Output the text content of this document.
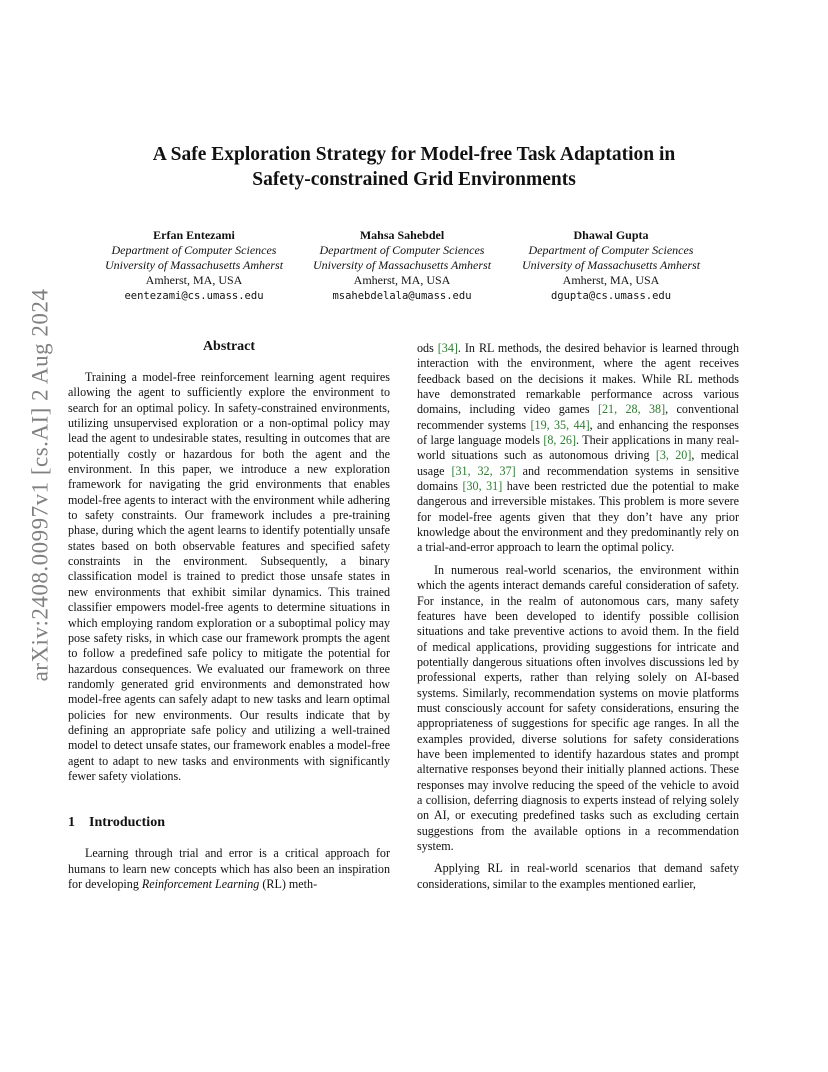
arXiv:2408.00997v1 [cs.AI] 2 Aug 2024
A Safe Exploration Strategy for Model-free Task Adaptation in
Safety-constrained Grid Environments
Erfan Entezami
Department of Computer Sciences
University of Massachusetts Amherst
Amherst, MA, USA
eentezami@cs.umass.edu
Mahsa Sahebdel
Department of Computer Sciences
University of Massachusetts Amherst
Amherst, MA, USA
msahebdelala@umass.edu
Dhawal Gupta
Department of Computer Sciences
University of Massachusetts Amherst
Amherst, MA, USA
dgupta@cs.umass.edu
Abstract

Training a model-free reinforcement learning agent requires allowing the agent to sufficiently explore the environment to search for an optimal policy. In safety-constrained environments, utilizing unsupervised exploration or a non-optimal policy may lead the agent to undesirable states, resulting in outcomes that are potentially costly or hazardous for both the agent and the environment. In this paper, we introduce a new exploration framework for navigating the grid environments that enables model-free agents to interact with the environment while adhering to safety constraints. Our framework includes a pre-training phase, during which the agent learns to identify potentially unsafe states based on both observable features and specified safety constraints in the environment. Subsequently, a binary classification model is trained to predict those unsafe states in new environments that exhibit similar dynamics. This trained classifier empowers model-free agents to determine situations in which employing random exploration or a suboptimal policy may pose safety risks, in which case our framework prompts the agent to follow a predefined safe policy to mitigate the potential for hazardous consequences. We evaluated our framework on three randomly generated grid environments and demonstrated how model-free agents can safely adapt to new tasks and learn optimal policies for new environments. Our results indicate that by defining an appropriate safe policy and utilizing a well-trained model to detect unsafe states, our framework enables a model-free agent to adapt to new tasks and environments with significantly fewer safety violations.

1 Introduction

Learning through trial and error is a critical approach for humans to learn new concepts which has also been an inspiration for developing Reinforcement Learning (RL) meth-

ods [34]. In RL methods, the desired behavior is learned through interaction with the environment, where the agent receives feedback based on the decisions it makes. While RL methods have demonstrated remarkable performance across various domains, including video games [21, 28, 38], conventional recommender systems [19, 35, 44], and enhancing the responses of large language models [8, 26]. Their applications in many real-world situations such as autonomous driving [3, 20], medical usage [31, 32, 37] and recommendation systems in sensitive domains [30, 31] have been restricted due the potential to make dangerous and irreversible mistakes. This problem is more severe for model-free agents given that they don’t have any prior knowledge about the environment and they predominantly rely on a trial-and-error approach to learn the optimal policy.

In numerous real-world scenarios, the environment within which the agents interact demands careful consideration of safety. For instance, in the realm of autonomous cars, many safety features have been developed to identify possible collision situations and take preventive actions to avoid them. In the field of medical applications, providing suggestions for intricate and potentially dangerous situations often involves discussions led by professional experts, rather than relying solely on AI-based systems. Similarly, recommendation systems on movie platforms must consciously account for safety considerations, ensuring the appropriateness of suggestions for specific age ranges. In all the examples provided, diverse solutions for safety considerations have been implemented to identify hazardous states and prompt alternative responses beyond their initially planned actions. These responses may involve reducing the speed of the vehicle to avoid a collision, deferring diagnosis to experts instead of relying solely on AI, or executing predefined tasks such as excluding certain suggestions from the available options in a recommendation system.

Applying RL in real-world scenarios that demand safety considerations, similar to the examples mentioned earlier,
